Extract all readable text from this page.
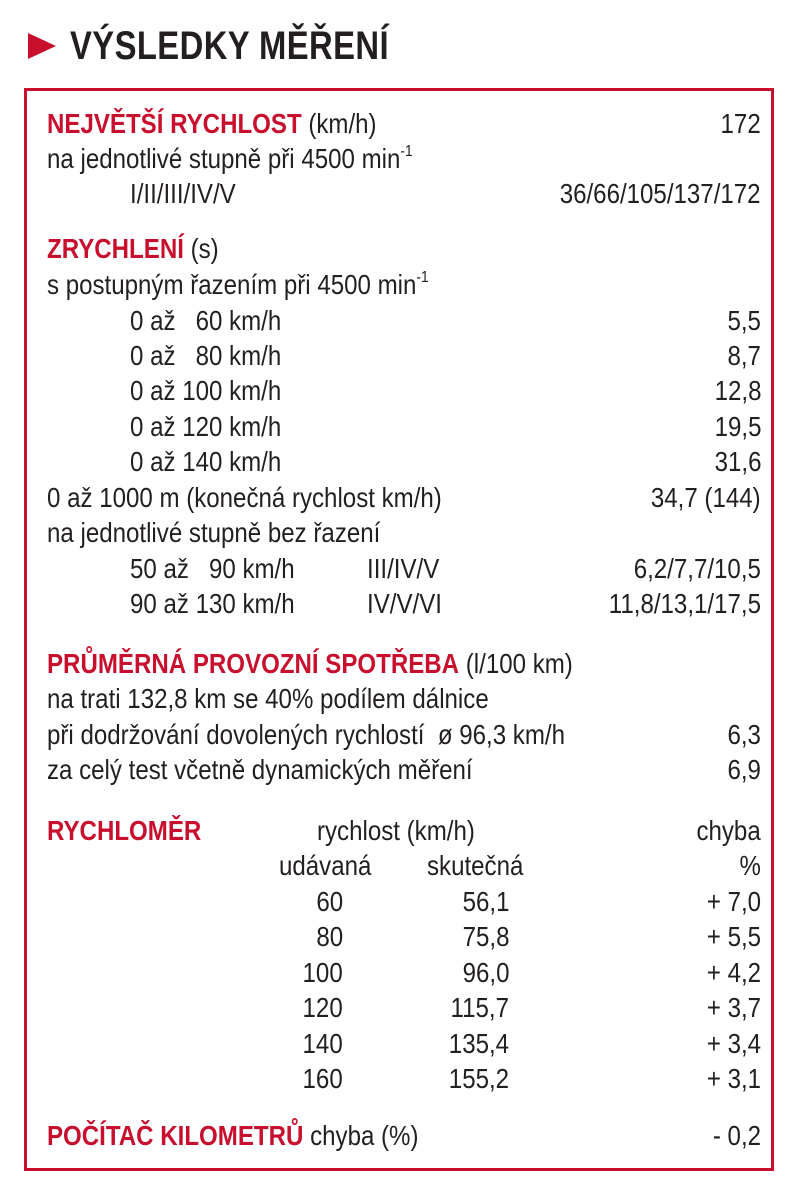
VÝSLEDKY MĚŘENÍ
NEJVĚTŠÍ RYCHLOST (km/h)	172
na jednotlivé stupně při 4500 $\min^{-1}$
I/II/III/IV/V	36/66/105/137/172
ZRYCHLENÍ (s)
s postupným řazením při 4500 $\min^{-1}$
0 až   60 km/h	5,5
0 až   80 km/h	8,7
0 až 100 km/h	12,8
0 až 120 km/h	19,5
0 až 140 km/h	31,6
0 až 1000 m (konečná rychlost km/h)	34,7 (144)
na jednotlivé stupně bez řazení
50 až   90 km/h	III/IV/V	6,2/7,7/10,5
90 až 130 km/h	IV/V/VI	11,8/13,1/17,5
PRŮMĚRNÁ PROVOZNÍ SPOTŘEBA (l/100 km)
na trati 132,8 km se 40% podílem dálnice
při dodržování dovolených rychlostí  ø 96,3 km/h	6,3
za celý test včetně dynamických měření	6,9
RYCHLOMĚR	rychlost (km/h)	chyba
udávaná	skutečná	%
60	56,1	+ 7,0
80	75,8	+ 5,5
100	96,0	+ 4,2
120	115,7	+ 3,7
140	135,4	+ 3,4
160	155,2	+ 3,1
POČÍTAČ KILOMETRŮ chyba (%)	- 0,2
